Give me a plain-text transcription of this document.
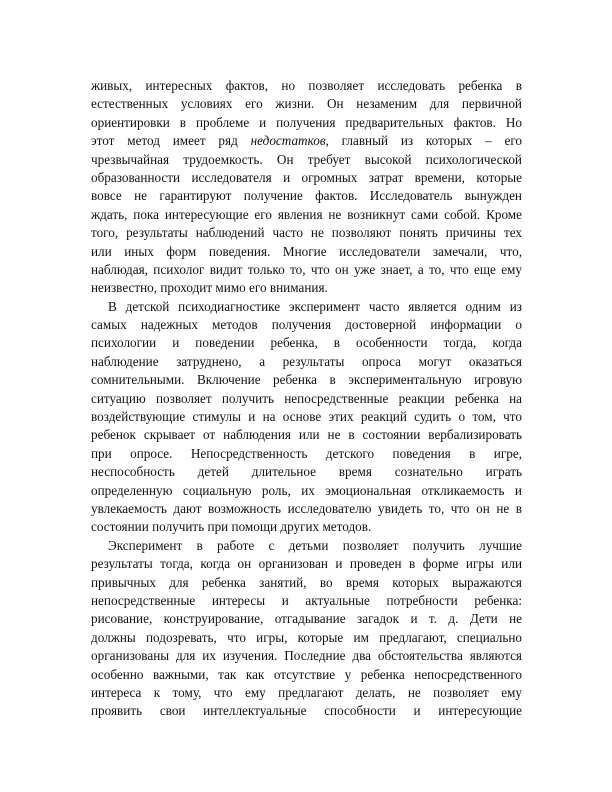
живых, интересных фактов, но позволяет исследовать ребенка в
естественных условиях его жизни. Он незаменим для первичной
ориентировки в проблеме и получения предварительных фактов. Но
этот метод имеет ряд недостатков, главный из которых – его
чрезвычайная трудоемкость. Он требует высокой психологической
образованности исследователя и огромных затрат времени, которые
вовсе не гарантируют получение фактов. Исследователь вынужден
ждать, пока интересующие его явления не возникнут сами собой. Кроме
того, результаты наблюдений часто не позволяют понять причины тех
или иных форм поведения. Многие исследователи замечали, что,
наблюдая, психолог видит только то, что он уже знает, а то, что еще ему
неизвестно, проходит мимо его внимания.
В детской психодиагностике эксперимент часто является одним из
самых надежных методов получения достоверной информации о
психологии и поведении ребенка, в особенности тогда, когда
наблюдение затруднено, а результаты опроса могут оказаться
сомнительными. Включение ребенка в экспериментальную игровую
ситуацию позволяет получить непосредственные реакции ребенка на
воздействующие стимулы и на основе этих реакций судить о том, что
ребенок скрывает от наблюдения или не в состоянии вербализировать
при опросе. Непосредственность детского поведения в игре,
неспособность детей длительное время сознательно играть
определенную социальную роль, их эмоциональная откликаемость и
увлекаемость дают возможность исследователю увидеть то, что он не в
состоянии получить при помощи других методов.
Эксперимент в работе с детьми позволяет получить лучшие
результаты тогда, когда он организован и проведен в форме игры или
привычных для ребенка занятий, во время которых выражаются
непосредственные интересы и актуальные потребности ребенка:
рисование, конструирование, отгадывание загадок и т. д. Дети не
должны подозревать, что игры, которые им предлагают, специально
организованы для их изучения. Последние два обстоятельства являются
особенно важными, так как отсутствие у ребенка непосредственного
интереса к тому, что ему предлагают делать, не позволяет ему
проявить свои интеллектуальные способности и интересующие
